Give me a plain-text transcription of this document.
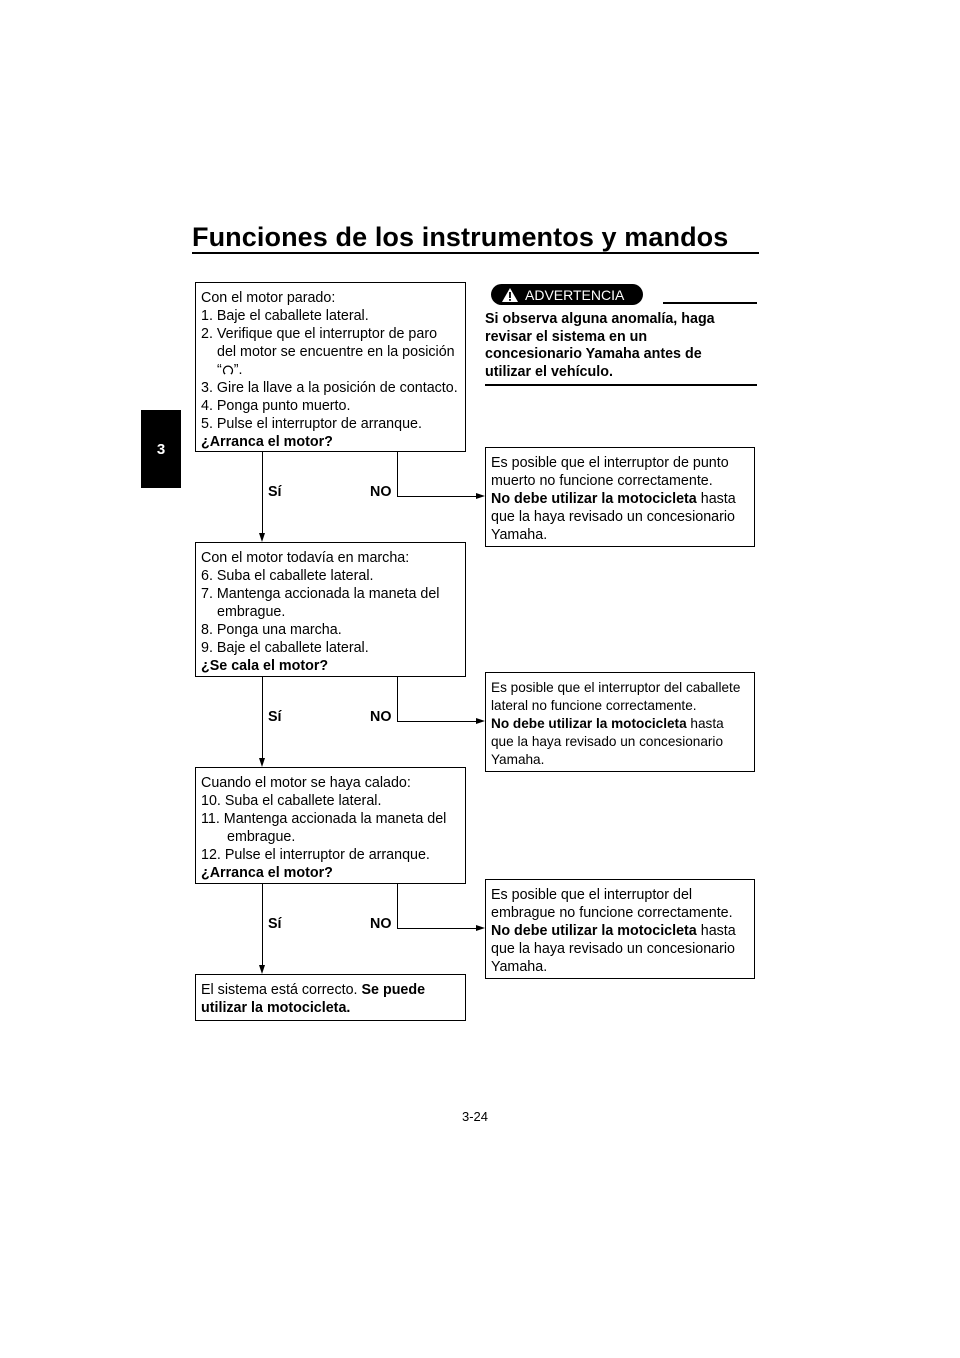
Funciones de los instrumentos y mandos
3
Con el motor parado:
1. Baje el caballete lateral.
2. Verifique que el interruptor de paro
del motor se encuentre en la posición
“ ”.
3. Gire la llave a la posición de contacto.
4. Ponga punto muerto.
5. Pulse el interruptor de arranque.
¿Arranca el motor?
Con el motor todavía en marcha:
6. Suba el caballete lateral.
7. Mantenga accionada la maneta del
embrague.
8. Ponga una marcha.
9. Baje el caballete lateral.
¿Se cala el motor?
Cuando el motor se haya calado:
10. Suba el caballete lateral.
11. Mantenga accionada la maneta del
embrague.
12. Pulse el interruptor de arranque.
¿Arranca el motor?
El sistema está correcto. Se puede
utilizar la motocicleta.
Es posible que el interruptor de punto
muerto no funcione correctamente.
No debe utilizar la motocicleta hasta
que la haya revisado un concesionario
Yamaha.
Es posible que el interruptor del caballete
lateral no funcione correctamente.
No debe utilizar la motocicleta hasta
que la haya revisado un concesionario
Yamaha.
Es posible que el interruptor del
embrague no funcione correctamente.
No debe utilizar la motocicleta hasta
que la haya revisado un concesionario
Yamaha.
Sí	NO
Sí	NO
Sí	NO
ADVERTENCIA
Si observa alguna anomalía, haga
revisar el sistema en un
concesionario Yamaha antes de
utilizar el vehículo.
3-24
